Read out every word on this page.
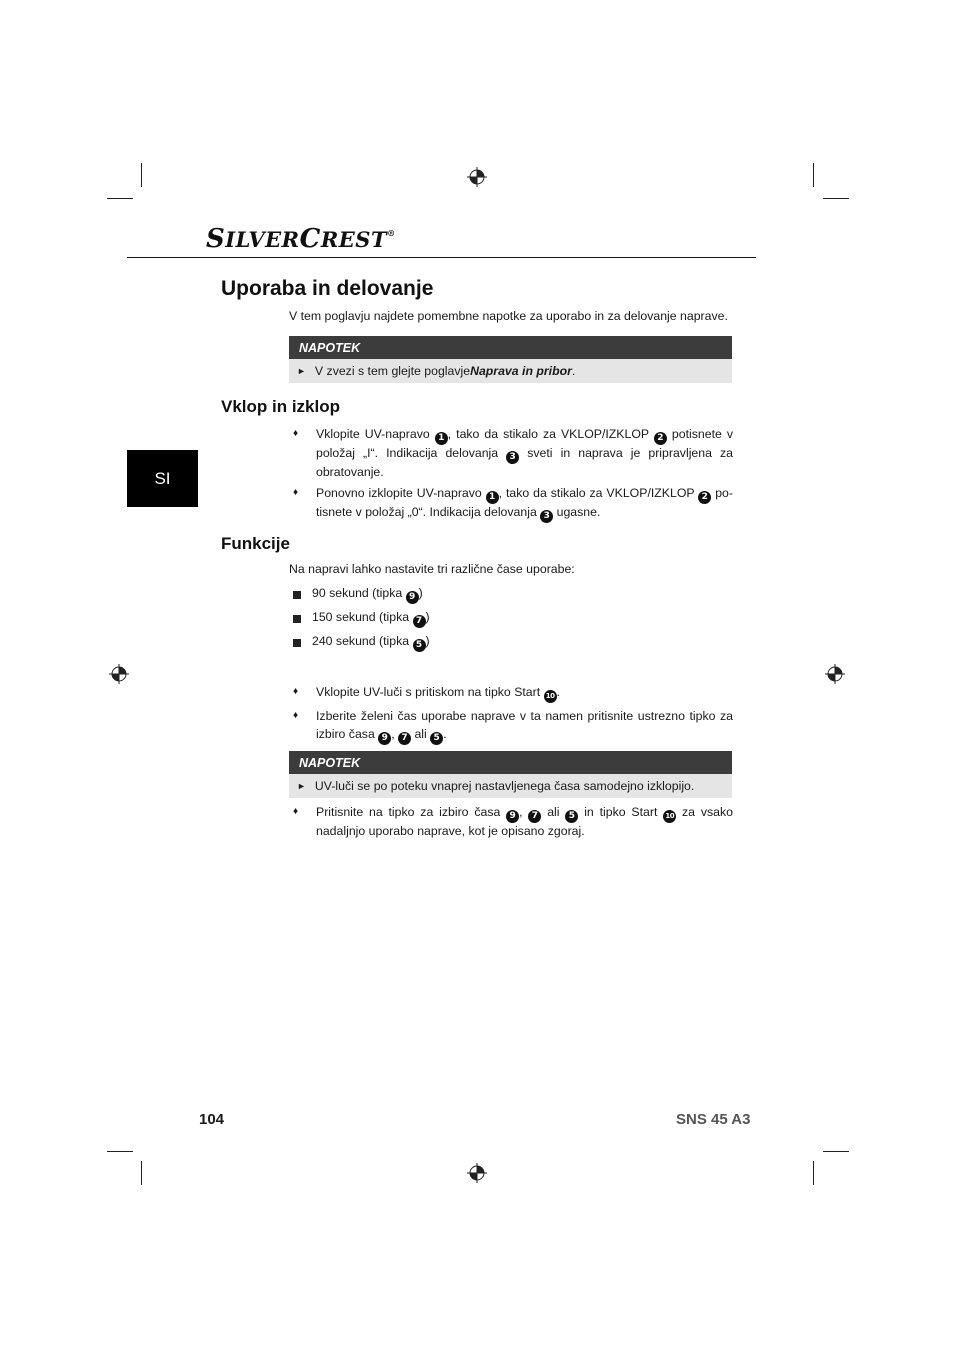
SILVERCREST®
SI
Uporaba in delovanje
V tem poglavju najdete pomembne napotke za uporabo in za delovanje naprave.
NAPOTEK
► V zvezi s tem glejte poglavje Naprava in pribor .
Vklop in izklop
♦ Vklopite UV-napravo 1 , tako da stikalo za VKLOP/IZKLOP 2 potisnete v položaj „I“. Indikacija delovanja 3 sveti in naprava je pripravljena za obratovanje.
♦ Ponovno izklopite UV-napravo 1 , tako da stikalo za VKLOP/IZKLOP 2 po-tisnete v položaj „0“. Indikacija delovanja 3 ugasne.
Funkcije
Na napravi lahko nastavite tri različne čase uporabe:
90 sekund (tipka 9 )
150 sekund (tipka 7 )
240 sekund (tipka 5 )
♦ Vklopite UV-luči s pritiskom na tipko Start 10 .
♦ Izberite želeni čas uporabe naprave v ta namen pritisnite ustrezno tipko za izbiro časa 9 , 7 ali 5 .
NAPOTEK
► UV-luči se po poteku vnaprej nastavljenega časa samodejno izklopijo.
♦ Pritisnite na tipko za izbiro časa 9 , 7 ali 5 in tipko Start 10 za vsako nadaljnjo uporabo naprave, kot je opisano zgoraj.
104	SNS 45 A3
